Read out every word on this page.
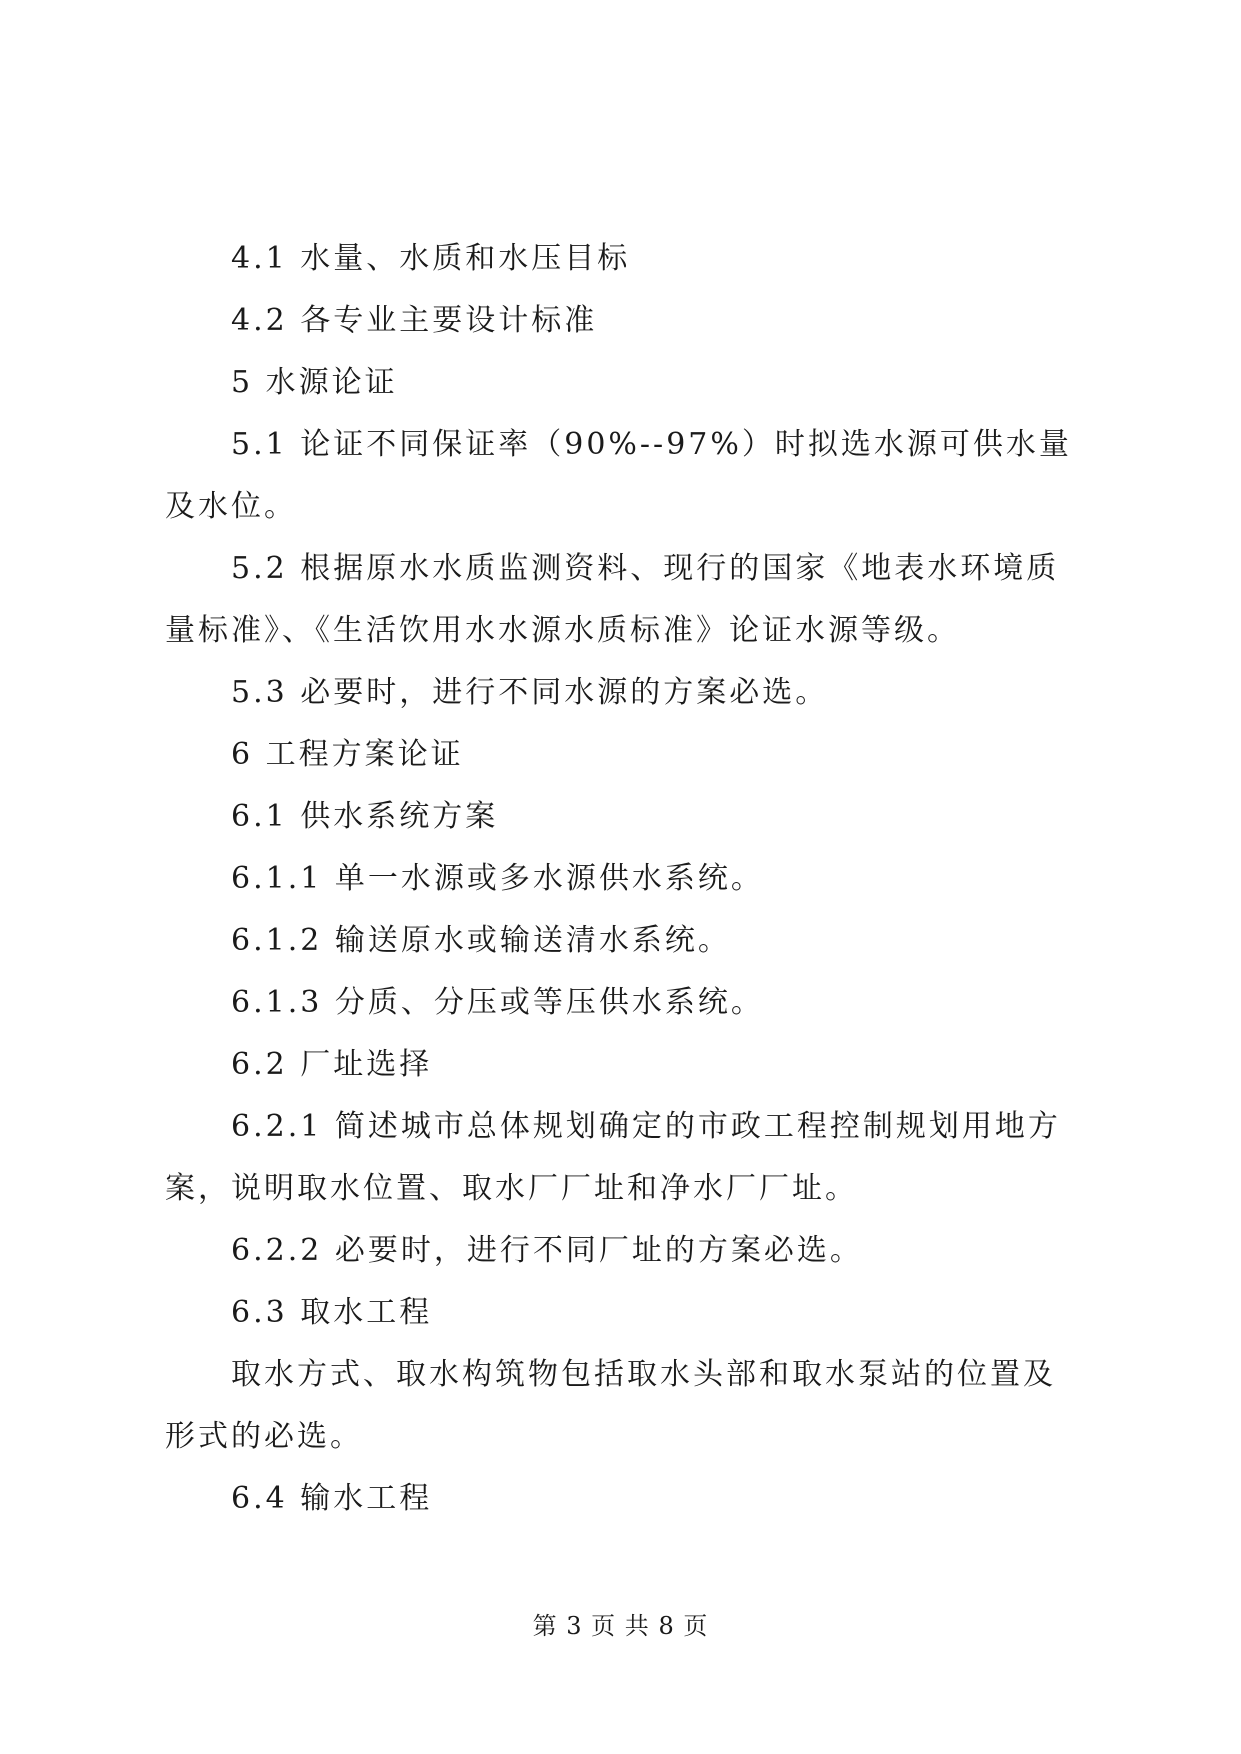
4.1 水量、水质和水压目标

4.2 各专业主要设计标准

5 水源论证

5.1 论证不同保证率（90%--97%）时拟选水源可供水量及水位。

5.2 根据原水水质监测资料、现行的国家《地表水环境质量标准》、《生活饮用水水源水质标准》论证水源等级。

5.3 必要时，进行不同水源的方案必选。

6 工程方案论证

6.1 供水系统方案

6.1.1 单一水源或多水源供水系统。

6.1.2 输送原水或输送清水系统。

6.1.3 分质、分压或等压供水系统。

6.2 厂址选择

6.2.1 简述城市总体规划确定的市政工程控制规划用地方案，说明取水位置、取水厂厂址和净水厂厂址。

6.2.2 必要时，进行不同厂址的方案必选。

6.3 取水工程

取水方式、取水构筑物包括取水头部和取水泵站的位置及形式的必选。

6.4 输水工程

第 3 页 共 8 页
